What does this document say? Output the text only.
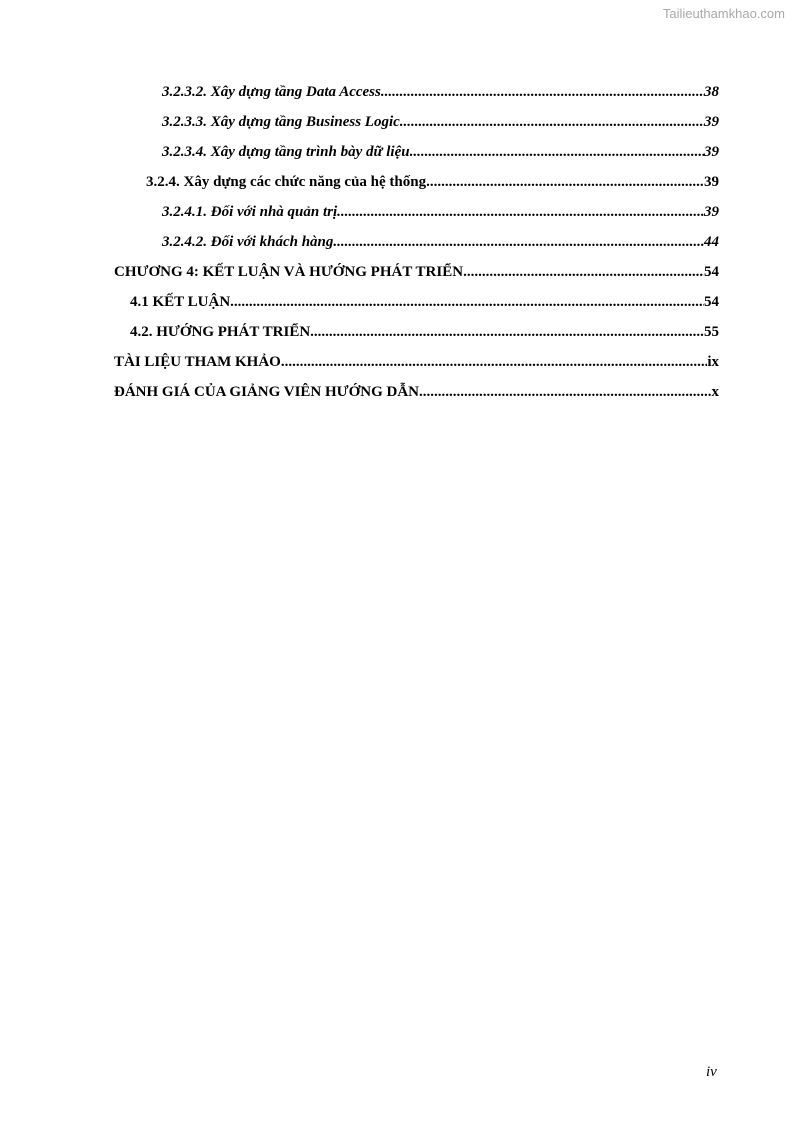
Tailieuthamkhao.com
3.2.3.2. Xây dựng tầng Data Access .....	38
3.2.3.3. Xây dựng tầng Business Logic .....	39
3.2.3.4. Xây dựng tầng trình bày dữ liệu .....	39
3.2.4. Xây dựng các chức năng của hệ thống .....	39
3.2.4.1. Đối với nhà quản trị .....	39
3.2.4.2. Đối với khách hàng .....	44
CHƯƠNG 4: KẾT LUẬN VÀ HƯỚNG PHÁT TRIỂN .....	54
4.1 KẾT LUẬN .....	54
4.2. HƯỚNG PHÁT TRIỂN .....	55
TÀI LIỆU THAM KHẢO .....	ix
ĐÁNH GIÁ CỦA GIẢNG VIÊN HƯỚNG DẪN .....	x
iv
